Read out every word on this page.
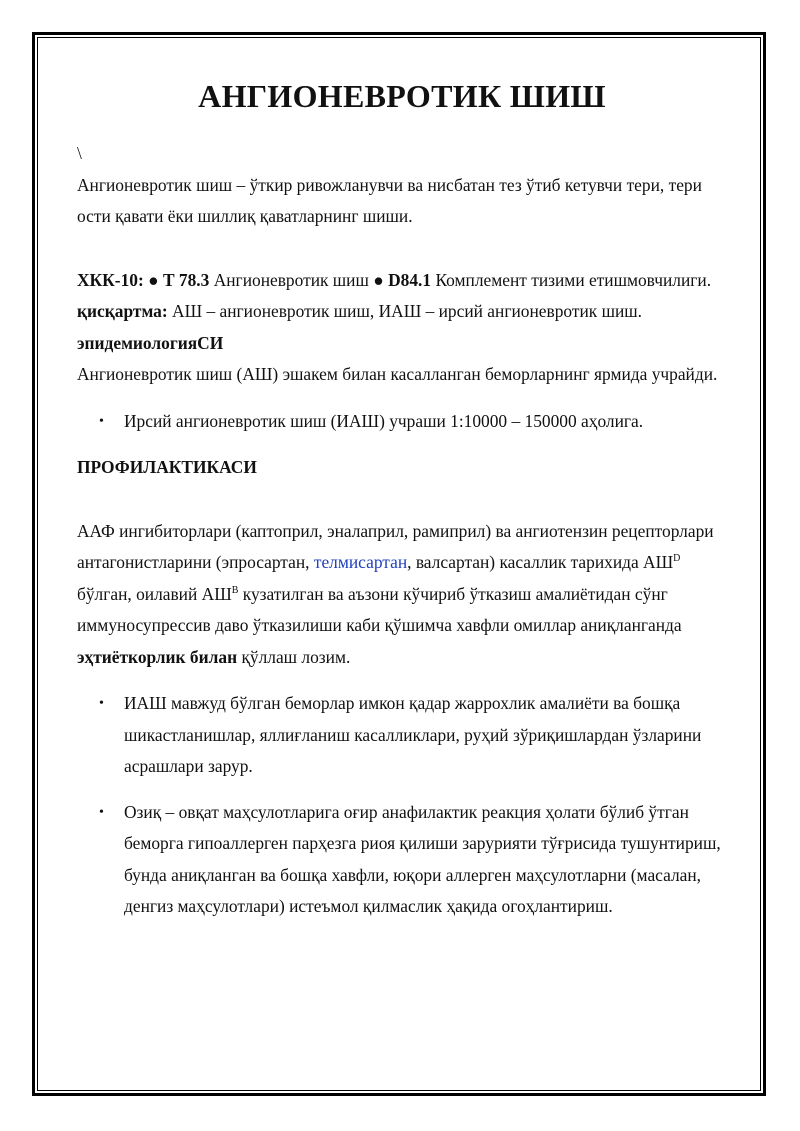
АНГИОНЕВРОТИК ШИШ

\

Ангионевротик шиш – ўткир ривожланувчи ва нисбатан тез ўтиб кетувчи тери, тери ости қавати ёки шиллиқ қаватларнинг шиши.

ХКК-10: ● Т 78.3 Ангионевротик шиш ● D84.1 Комплемент тизими етишмовчилиги.

қисқартма: АШ – ангионевротик шиш, ИАШ – ирсий ангионевротик шиш.

эпидемиологияСИ

Ангионевротик шиш (АШ) эшакем билан касалланган беморларнинг ярмида учрайди.

• Ирсий ангионевротик шиш (ИАШ) учраши 1:10000 – 150000 аҳолига.

ПРОФИЛАКТИКАСИ

ААФ ингибиторлари (каптоприл, эналаприл, рамиприл) ва ангиотензин рецепторлари антагонистларини (эпросартан, телмисартан, валсартан) касаллик тарихида $АШ^D$ бўлган, оилавий $АШ^B$ кузатилган ва аъзони кўчириб ўтказиш амалиётидан сўнг иммуносупрессив даво ўтказилиши каби қўшимча хавфли омиллар аниқланганда эҳтиёткорлик билан қўллаш лозим.

• ИАШ мавжуд бўлган беморлар имкон қадар жаррохлик амалиёти ва бошқа шикастланишлар, яллиғланиш касалликлари, руҳий зўриқишлардан ўзларини асрашлари зарур.
• Озиқ – овқат маҳсулотларига оғир анафилактик реакция ҳолати бўлиб ўтган беморга гипоаллерген парҳезга риоя қилиши зарурияти тўғрисида тушунтириш, бунда аниқланган ва бошқа хавфли, юқори аллерген маҳсулотларни (масалан, денгиз маҳсулотлари) истеъмол қилмаслик ҳақида огоҳлантириш.
